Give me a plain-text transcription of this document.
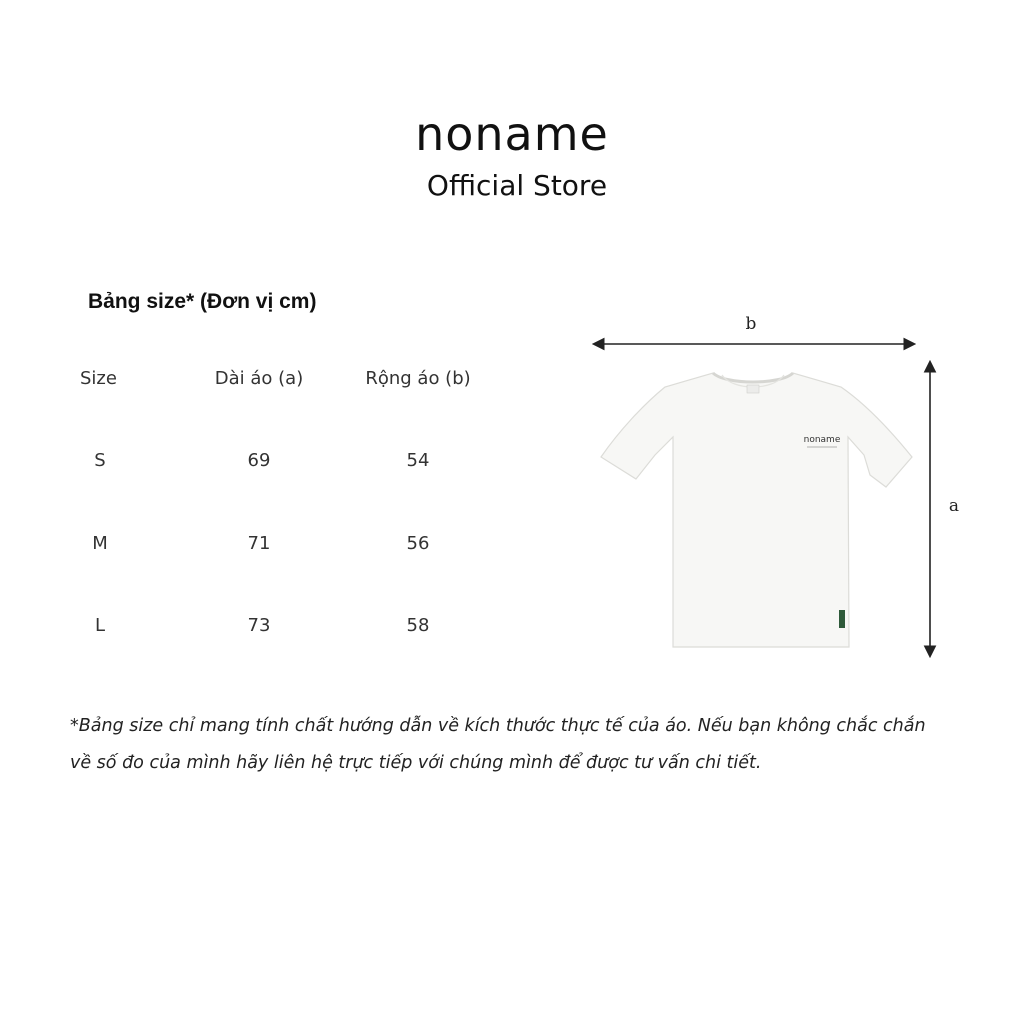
noname
Official Store
Bảng size* (Đơn vị cm)
Size	Dài áo (a)	Rộng áo (b)
S	69	54
M	71	56
L	73	58
b
a
noname
*Bảng size chỉ mang tính chất hướng dẫn về kích thước thực tế của áo. Nếu bạn không chắc chắn
về số đo của mình hãy liên hệ trực tiếp với chúng mình để được tư vấn chi tiết.
